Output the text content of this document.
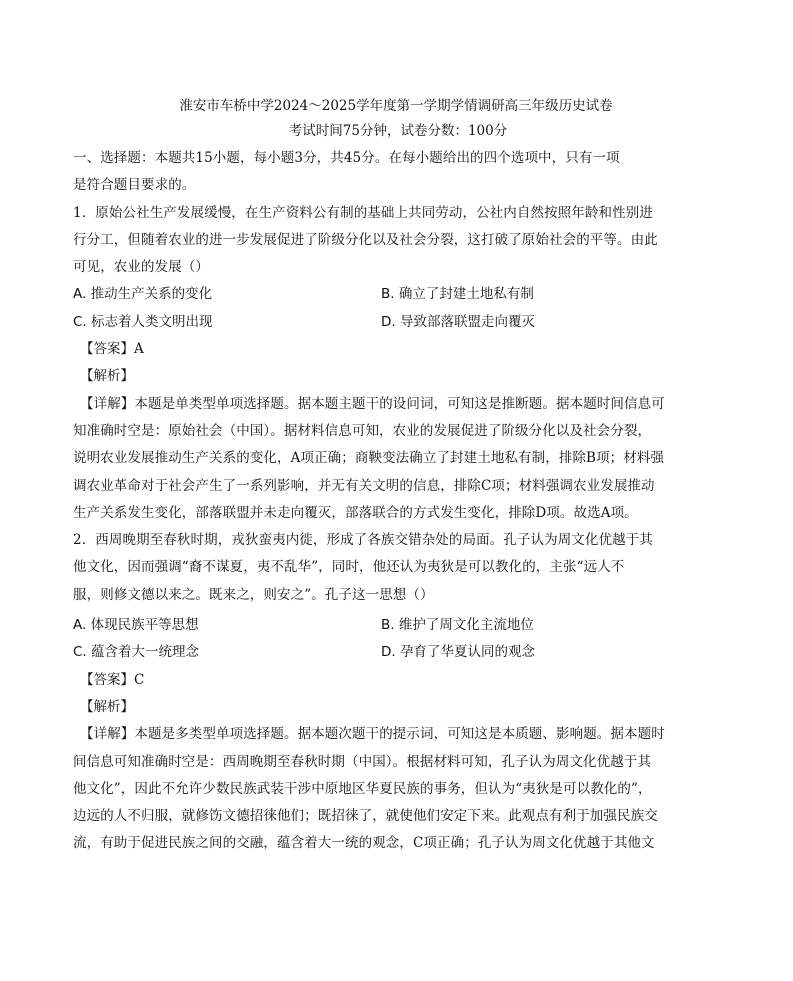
淮安市车桥中学2024～2025学年度第一学期学情调研高三年级历史试卷
考试时间75分钟，试卷分数：100分
一、选择题：本题共15小题，每小题3分，共45分。在每小题给出的四个选项中，只有一项
是符合题目要求的。
1．原始公社生产发展缓慢，在生产资料公有制的基础上共同劳动，公社内自然按照年龄和性别进
行分工，但随着农业的进一步发展促进了阶级分化以及社会分裂，这打破了原始社会的平等。由此
可见，农业的发展（）
A. 推动生产关系的变化	B. 确立了封建土地私有制
C. 标志着人类文明出现	D. 导致部落联盟走向覆灭
【答案】A
【解析】
【详解】本题是单类型单项选择题。据本题主题干的设问词，可知这是推断题。据本题时间信息可
知准确时空是：原始社会（中国）。据材料信息可知，农业的发展促进了阶级分化以及社会分裂，
说明农业发展推动生产关系的变化，A项正确；商鞅变法确立了封建土地私有制，排除B项；材料强
调农业革命对于社会产生了一系列影响，并无有关文明的信息，排除C项；材料强调农业发展推动
生产关系发生变化，部落联盟并未走向覆灭，部落联合的方式发生变化，排除D项。故选A项。
2．西周晚期至春秋时期，戎狄蛮夷内徙，形成了各族交错杂处的局面。孔子认为周文化优越于其
他文化，因而强调“裔不谋夏，夷不乱华”，同时，他还认为夷狄是可以教化的，主张“远人不
服，则修文德以来之。既来之，则安之”。孔子这一思想（）
A. 体现民族平等思想	B. 维护了周文化主流地位
C. 蕴含着大一统理念	D. 孕育了华夏认同的观念
【答案】C
【解析】
【详解】本题是多类型单项选择题。据本题次题干的提示词，可知这是本质题、影响题。据本题时
间信息可知准确时空是：西周晚期至春秋时期（中国）。根据材料可知，孔子认为周文化优越于其
他文化”，因此不允许少数民族武装干涉中原地区华夏民族的事务，但认为“夷狄是可以教化的”，
边远的人不归服，就修饬文德招徕他们；既招徕了，就使他们安定下来。此观点有利于加强民族交
流，有助于促进民族之间的交融，蕴含着大一统的观念，C项正确；孔子认为周文化优越于其他文
